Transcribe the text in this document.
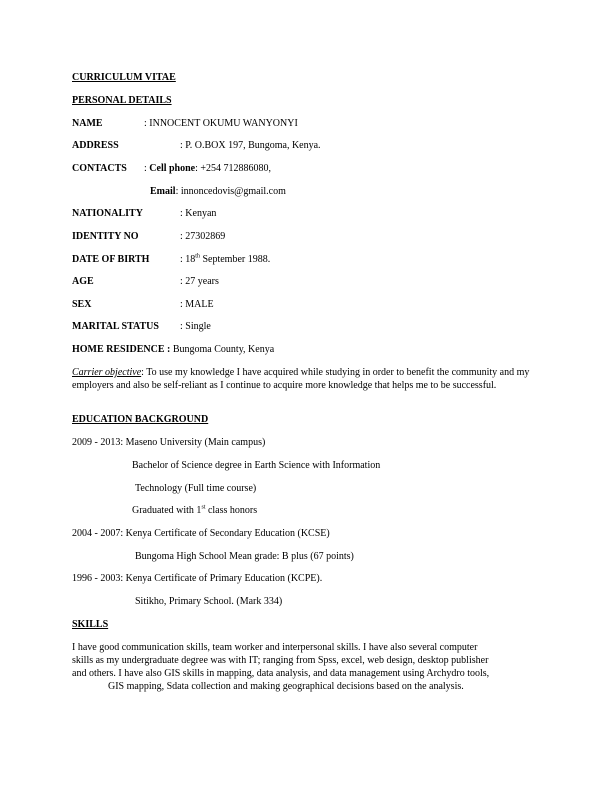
CURRICULUM VITAE
PERSONAL DETAILS
NAME	: INNOCENT OKUMU WANYONYI
ADDRESS	: P. O.BOX 197, Bungoma, Kenya.
CONTACTS : Cell phone: +254 712886080,
Email: innoncedovis@gmail.com
NATIONALITY	: Kenyan
IDENTITY NO	: 27302869
DATE OF BIRTH	: 18th September 1988.
AGE	: 27 years
SEX	: MALE
MARITAL STATUS : Single
HOME RESIDENCE : Bungoma County, Kenya
Carrier objective: To use my knowledge I have acquired while studying in order to benefit the community and my employers and also be self-reliant as I continue to acquire more knowledge that helps me to be successful.
EDUCATION BACKGROUND
2009 - 2013: Maseno University (Main campus)
Bachelor of Science degree in Earth Science with Information
Technology (Full time course)
Graduated with 1st class honors
2004 - 2007: Kenya Certificate of Secondary Education (KCSE)
Bungoma High School Mean grade: B plus (67 points)
1996 - 2003: Kenya Certificate of Primary Education (KCPE).
Sitikho, Primary School. (Mark 334)
SKILLS
I have good communication skills, team worker and interpersonal skills. I have also several computer
skills as my undergraduate degree was with IT; ranging from Spss, excel, web design, desktop publisher
and others. I have also GIS skills in mapping, data analysis, and data management using Archydro tools,
GIS mapping, Sdata collection and making geographical decisions based on the analysis.
